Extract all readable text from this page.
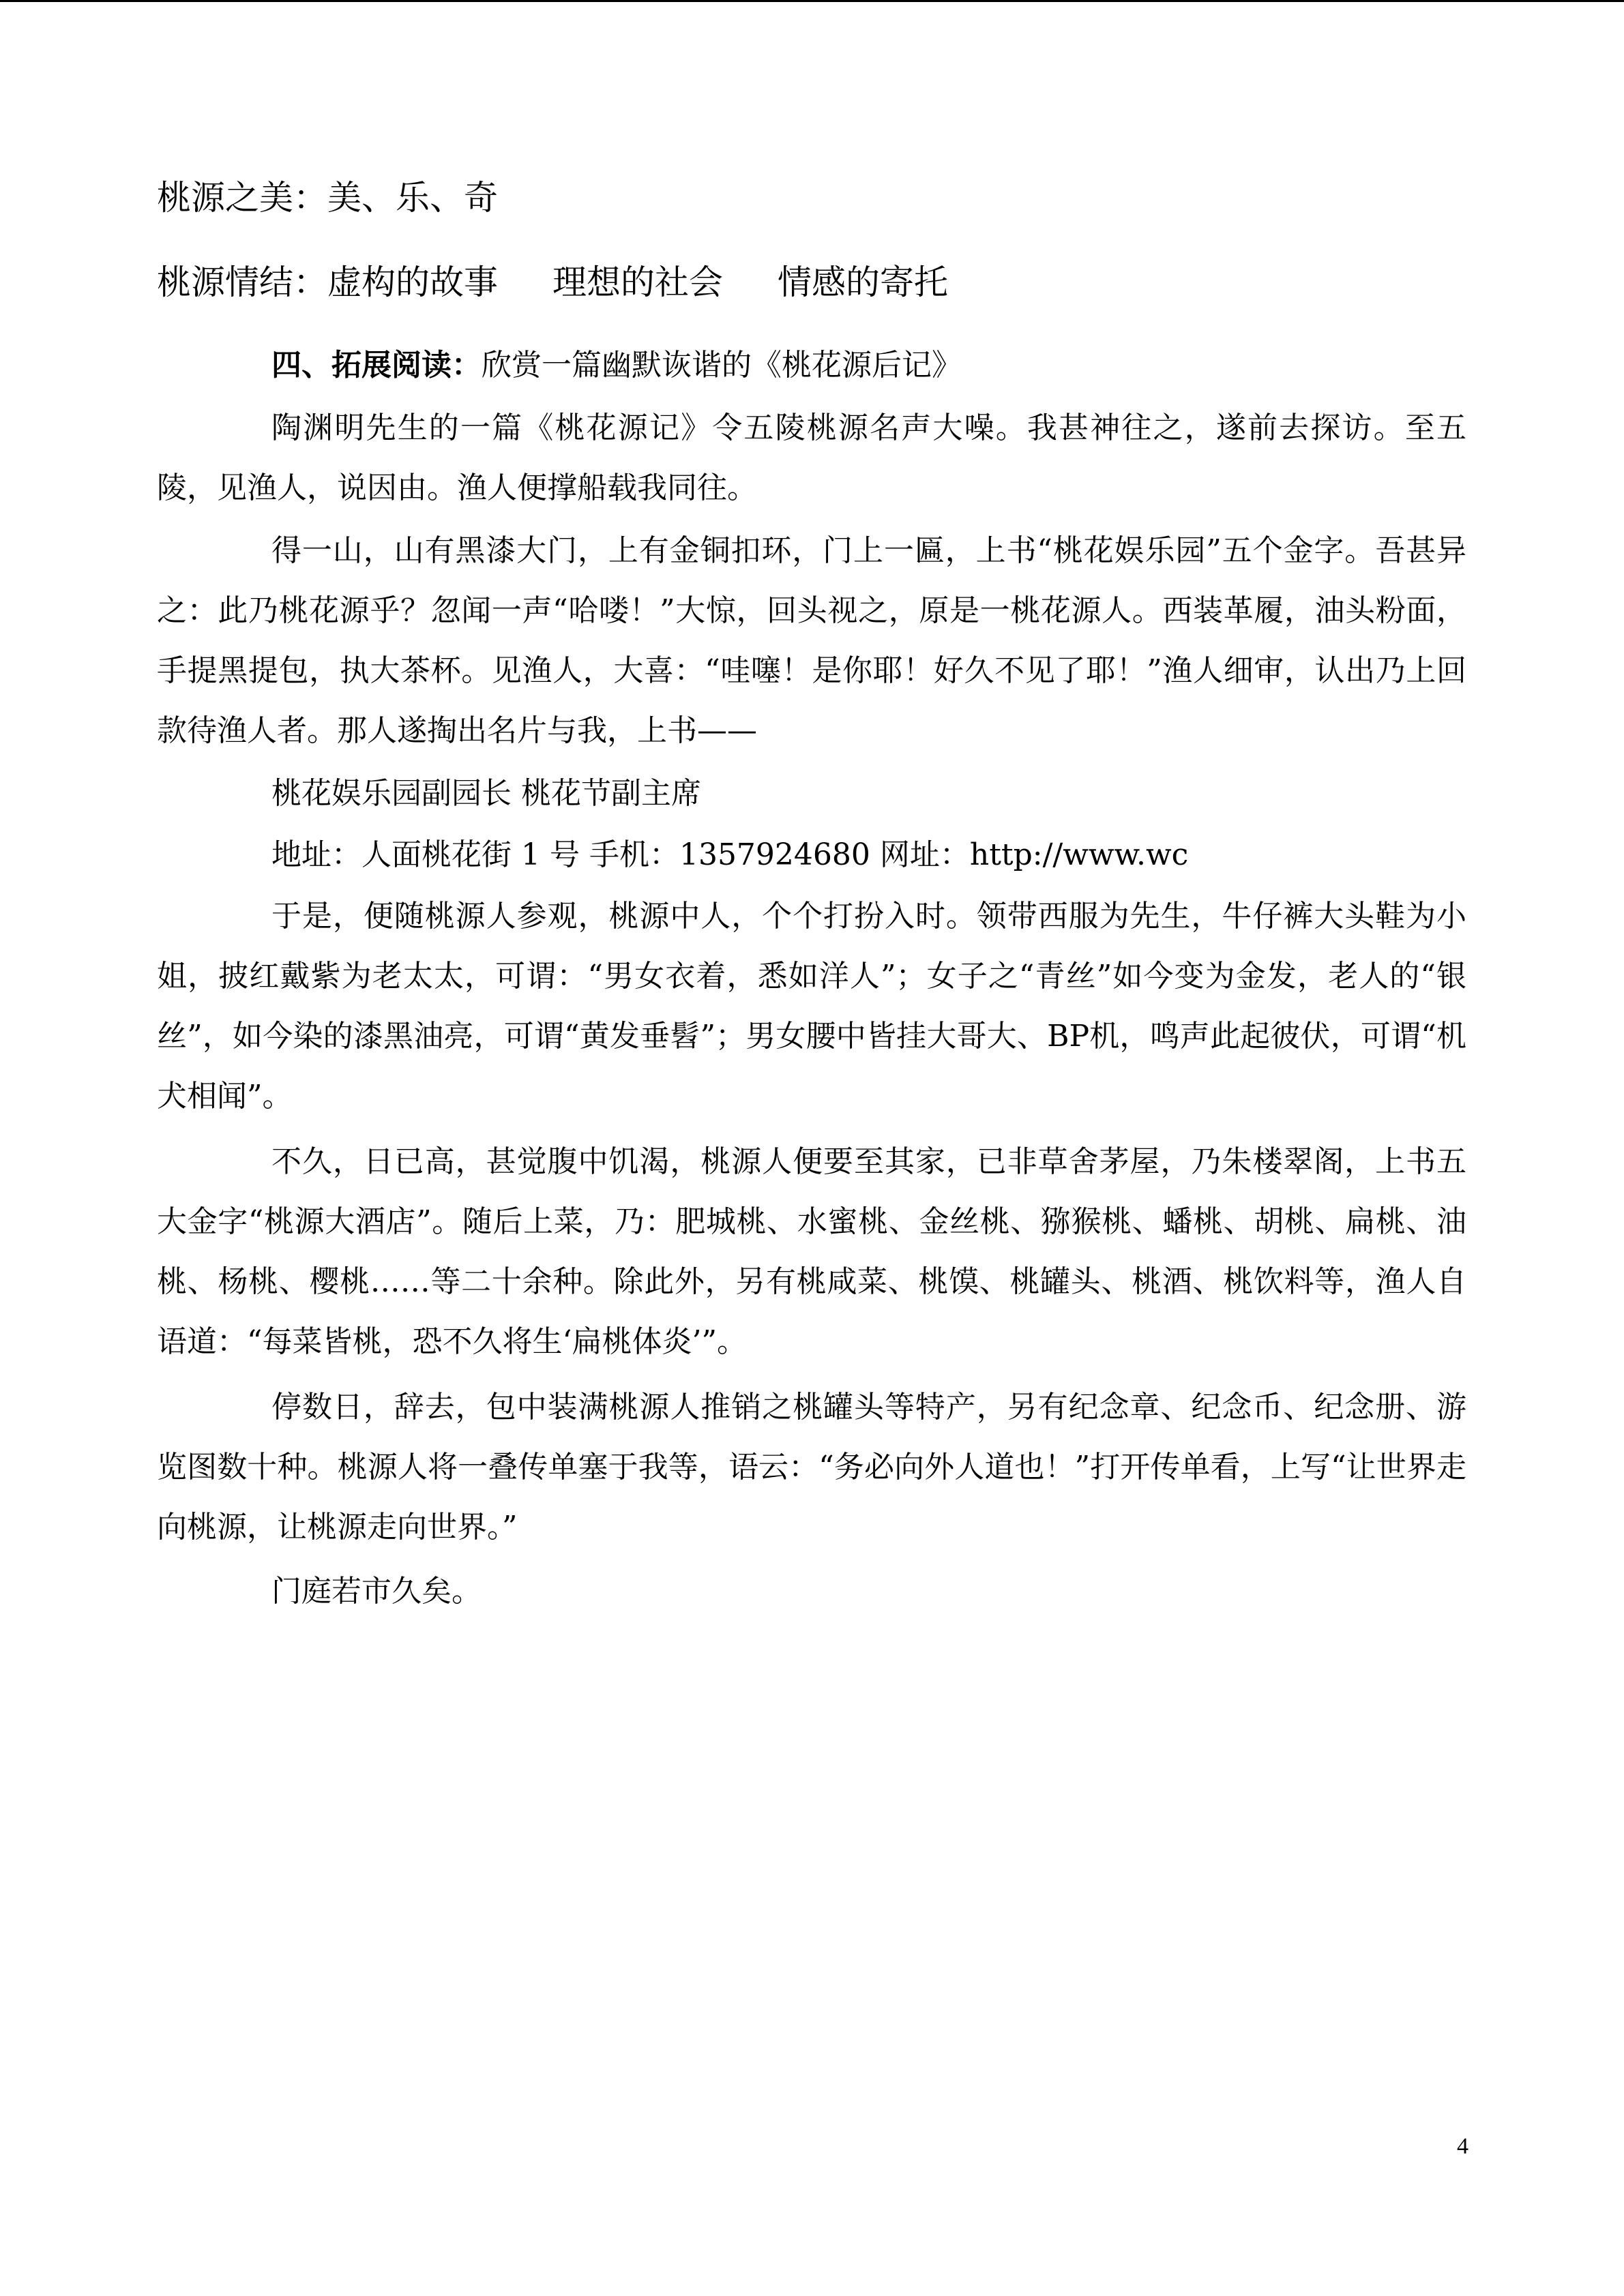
桃源之美：美、乐、奇
桃源情结：虚构的故事 理想的社会 情感的寄托
四、拓展阅读：欣赏一篇幽默诙谐的《桃花源后记》
陶渊明先生的一篇《桃花源记》令五陵桃源名声大噪。我甚神往之，遂前去探访。至五陵，见渔人，说因由。渔人便撑船载我同往。
得一山，山有黑漆大门，上有金铜扣环，门上一匾，上书“桃花娱乐园”五个金字。吾甚异之：此乃桃花源乎？忽闻一声“哈喽！”大惊，回头视之，原是一桃花源人。西装革履，油头粉面，手提黑提包，执大茶杯。见渔人，大喜：“哇噻！是你耶！好久不见了耶！”渔人细审，认出乃上回款待渔人者。那人遂掏出名片与我，上书——
桃花娱乐园副园长 桃花节副主席
地址：人面桃花街 1 号 手机：1357924680 网址：http://www.wc
于是，便随桃源人参观，桃源中人，个个打扮入时。领带西服为先生，牛仔裤大头鞋为小姐，披红戴紫为老太太，可谓：“男女衣着，悉如洋人”；女子之“青丝”如今变为金发，老人的“银丝”，如今染的漆黑油亮，可谓“黄发垂髫”；男女腰中皆挂大哥大、BP机，鸣声此起彼伏，可谓“机犬相闻”。
不久，日已高，甚觉腹中饥渴，桃源人便要至其家，已非草舍茅屋，乃朱楼翠阁，上书五大金字“桃源大酒店”。随后上菜，乃：肥城桃、水蜜桃、金丝桃、猕猴桃、蟠桃、胡桃、扁桃、油桃、杨桃、樱桃……等二十余种。除此外，另有桃咸菜、桃馍、桃罐头、桃酒、桃饮料等，渔人自语道：“每菜皆桃，恐不久将生‘扁桃体炎’”。
停数日，辞去，包中装满桃源人推销之桃罐头等特产，另有纪念章、纪念币、纪念册、游览图数十种。桃源人将一叠传单塞于我等，语云：“务必向外人道也！”打开传单看，上写“让世界走向桃源，让桃源走向世界。”
门庭若市久矣。
4
